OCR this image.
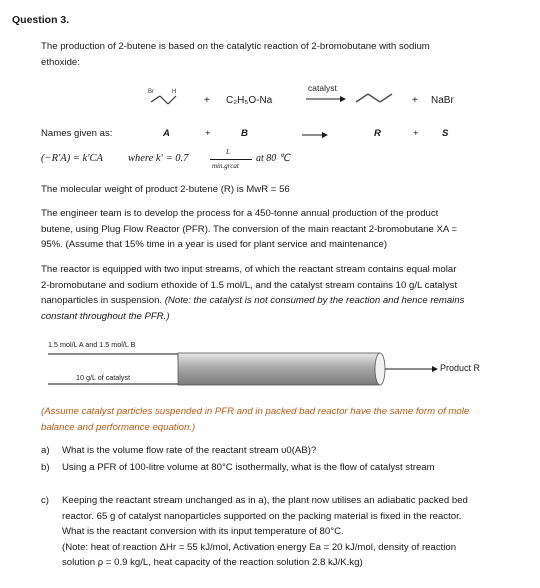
Question 3.
The production of 2-butene is based on the catalytic reaction of 2-bromobutane with sodium
ethoxide:
Br	H
+ C₂H₅O-Na
catalyst
+ NaBr
Names given as:	A	+	B	R	+ S
(−R′A) = k′CA where k′ = 0.7
L
min.grcat
at 80 ℃
The molecular weight of product 2-butene (R) is MwR = 56
The engineer team is to develop the process for a 450-tonne annual production of the product
butene, using Plug Flow Reactor (PFR). The conversion of the main reactant 2-bromobutane XA =
95%. (Assume that 15% time in a year is used for plant service and maintenance)
The reactor is equipped with two input streams, of which the reactant stream contains equal molar
2-bromobutane and sodium ethoxide of 1.5 mol/L, and the catalyst stream contains 10 g/L catalyst
nanoparticles in suspension. (Note: the catalyst is not consumed by the reaction and hence remains
constant throughout the PFR.)
1.5 mol/L A and 1.5 mol/L B
10 g/L of catalyst
Product R
(Assume catalyst particles suspended in PFR and in packed bad reactor have the same form of mole
balance and performance equation.)
a) What is the volume flow rate of the reactant stream υ0(AB)?
b) Using a PFR of 100-litre volume at 80°C isothermally, what is the flow of catalyst stream
c) Keeping the reactant stream unchanged as in a), the plant now utilises an adiabatic packed bed
reactor. 65 g of catalyst nanoparticles supported on the packing material is fixed in the reactor.
What is the reactant conversion with its input temperature of 80°C.
(Note: heat of reaction ΔHr = 55 kJ/mol, Activation energy Ea = 20 kJ/mol, density of reaction
solution ρ = 0.9 kg/L, heat capacity of the reaction solution 2.8 kJ/K.kg)
